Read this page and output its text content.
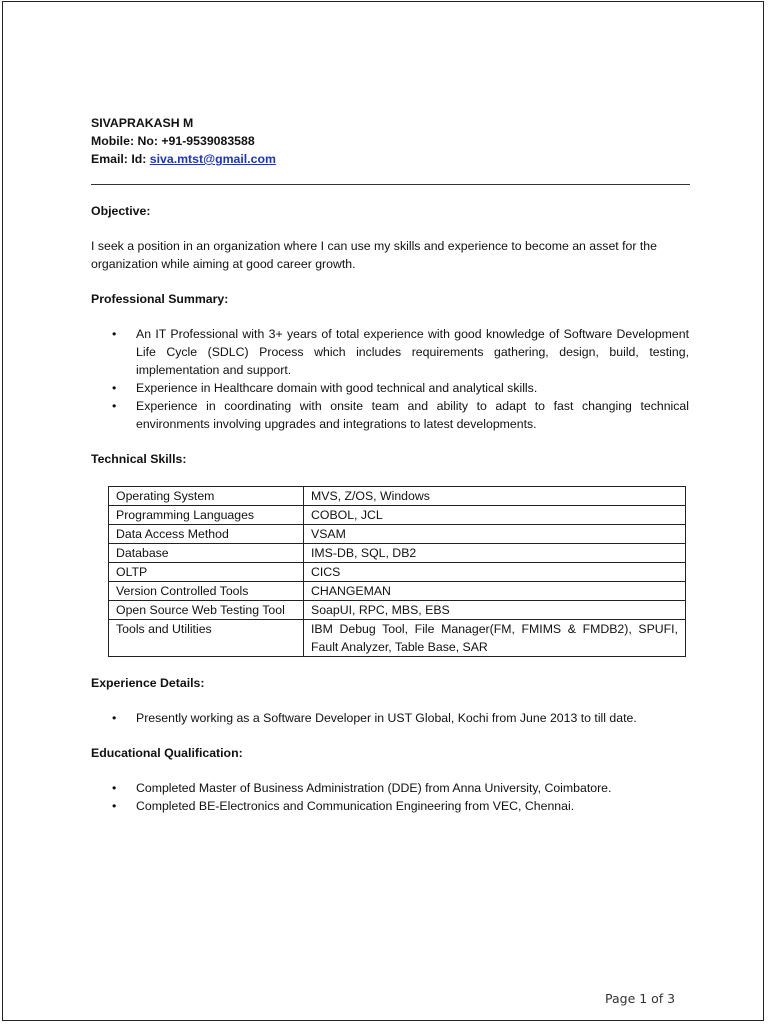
SIVAPRAKASH M
Mobile: No: +91-9539083588
Email: Id: siva.mtst@gmail.com
Objective:
I seek a position in an organization where I can use my skills and experience to become an asset for the organization while aiming at good career growth.
Professional Summary:
• An IT Professional with 3+ years of total experience with good knowledge of Software Development Life Cycle (SDLC) Process which includes requirements gathering, design, build, testing, implementation and support.
• Experience in Healthcare domain with good technical and analytical skills.
• Experience in coordinating with onsite team and ability to adapt to fast changing technical environments involving upgrades and integrations to latest developments.
Technical Skills:
Operating System	MVS, Z/OS, Windows
Programming Languages	COBOL, JCL
Data Access Method	VSAM
Database	IMS-DB, SQL, DB2
OLTP	CICS
Version Controlled Tools	CHANGEMAN
Open Source Web Testing Tool	SoapUI, RPC, MBS, EBS
Tools and Utilities	IBM Debug Tool, File Manager(FM, FMIMS & FMDB2), SPUFI, Fault Analyzer, Table Base, SAR
Experience Details:
• Presently working as a Software Developer in UST Global, Kochi from June 2013 to till date.
Educational Qualification:
• Completed Master of Business Administration (DDE) from Anna University, Coimbatore.
• Completed BE-Electronics and Communication Engineering from VEC, Chennai.
Page 1 of 3
